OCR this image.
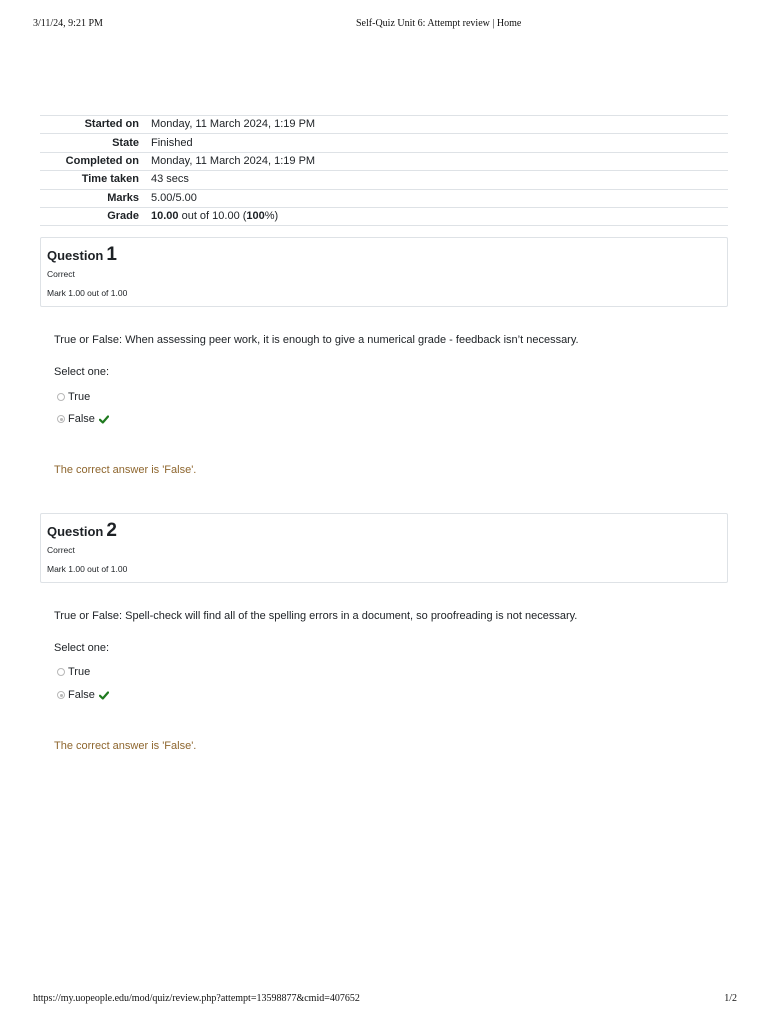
3/11/24, 9:21 PM	Self-Quiz Unit 6: Attempt review | Home
Started on	Monday, 11 March 2024, 1:19 PM
State	Finished
Completed on	Monday, 11 March 2024, 1:19 PM
Time taken	43 secs
Marks	5.00/5.00
Grade	10.00 out of 10.00 (100%)
Question 1
Correct
Mark 1.00 out of 1.00
True or False: When assessing peer work, it is enough to give a numerical grade - feedback isn’t necessary.
Select one:
True
False
The correct answer is 'False'.
Question 2
Correct
Mark 1.00 out of 1.00
True or False: Spell-check will find all of the spelling errors in a document, so proofreading is not necessary.
Select one:
True
False
The correct answer is 'False'.
https://my.uopeople.edu/mod/quiz/review.php?attempt=13598877&cmid=407652	1/2
